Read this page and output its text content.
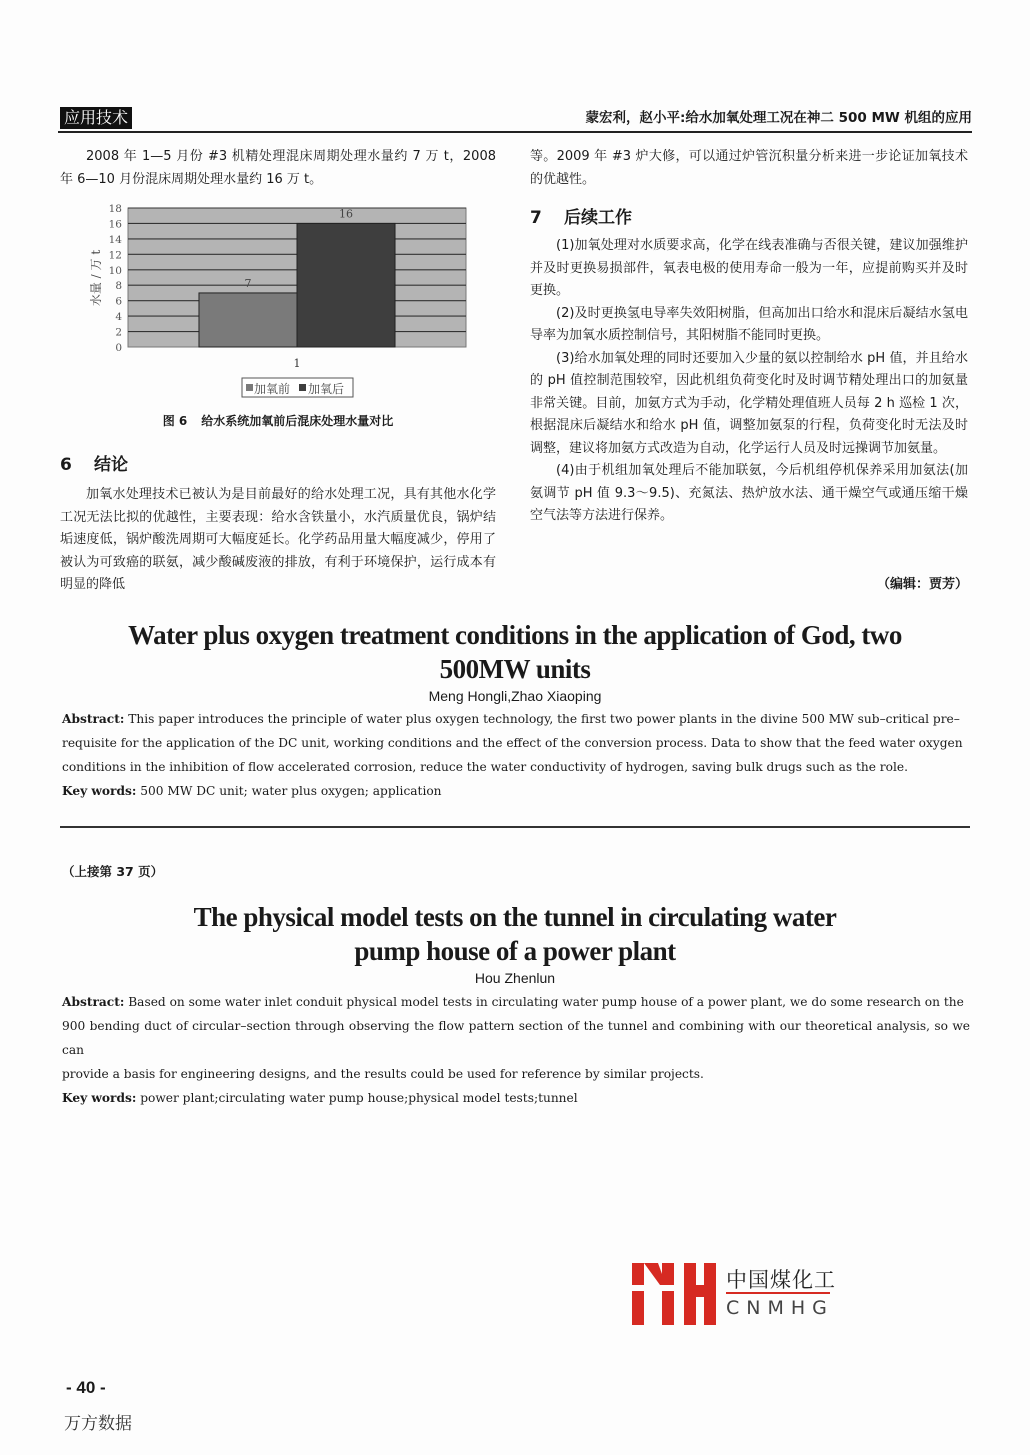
应用技术	蒙宏利，赵小平:给水加氧处理工况在神二 500 MW 机组的应用
2008 年 1—5 月份 #3 机精处理混床周期处理水量约 7 万 t，2008 年 6—10 月份混床周期处理水量约 16 万 t。
7
16
0
2
4
6
8
10
12
14
16
18
水量 / 万 t
1
加氧前 加氧后
图 6 给水系统加氧前后混床处理水量对比
6 结论
加氧水处理技术已被认为是目前最好的给水处理工况，具有其他水化学工况无法比拟的优越性，主要表现：给水含铁量小，水汽质量优良，锅炉结垢速度低，锅炉酸洗周期可大幅度延长。化学药品用量大幅度减少，停用了被认为可致癌的联氨，减少酸碱废液的排放，有利于环境保护，运行成本有明显的降低
等。2009 年 #3 炉大修，可以通过炉管沉积量分析来进一步论证加氧技术的优越性。
7 后续工作
(1)加氧处理对水质要求高，化学在线表准确与否很关键，建议加强维护并及时更换易损部件，氧表电极的使用寿命一般为一年，应提前购买并及时更换。
(2)及时更换氢电导率失效阳树脂，但高加出口给水和混床后凝结水氢电导率为加氧水质控制信号，其阳树脂不能同时更换。
(3)给水加氧处理的同时还要加入少量的氨以控制给水 pH 值，并且给水的 pH 值控制范围较窄，因此机组负荷变化时及时调节精处理出口的加氨量非常关键。目前，加氨方式为手动，化学精处理值班人员每 2 h 巡检 1 次，根据混床后凝结水和给水 pH 值，调整加氨泵的行程，负荷变化时无法及时调整，建议将加氨方式改造为自动，化学运行人员及时远操调节加氨量。
(4)由于机组加氧处理后不能加联氨，今后机组停机保养采用加氨法(加氨调节 pH 值 9.3～9.5)、充氮法、热炉放水法、通干燥空气或通压缩干燥空气法等方法进行保养。
（编辑：贾芳）
Water plus oxygen treatment conditions in the application of God, two
500MW units
Meng Hongli,Zhao Xiaoping
Abstract: This paper introduces the principle of water plus oxygen technology, the first two power plants in the divine 500 MW sub–critical pre–
requisite for the application of the DC unit, working conditions and the effect of the conversion process. Data to show that the feed water oxygen
conditions in the inhibition of flow accelerated corrosion, reduce the water conductivity of hydrogen, saving bulk drugs such as the role.
Key words: 500 MW DC unit; water plus oxygen; application
（上接第 37 页）
The physical model tests on the tunnel in circulating water
pump house of a power plant
Hou Zhenlun
Abstract: Based on some water inlet conduit physical model tests in circulating water pump house of a power plant, we do some research on the
900 bending duct of circular–section through observing the flow pattern section of the tunnel and combining with our theoretical analysis, so we can
provide a basis for engineering designs, and the results could be used for reference by similar projects.
Key words: power plant;circulating water pump house;physical model tests;tunnel
中国煤化工
CNMHG
- 40 -
万方数据
